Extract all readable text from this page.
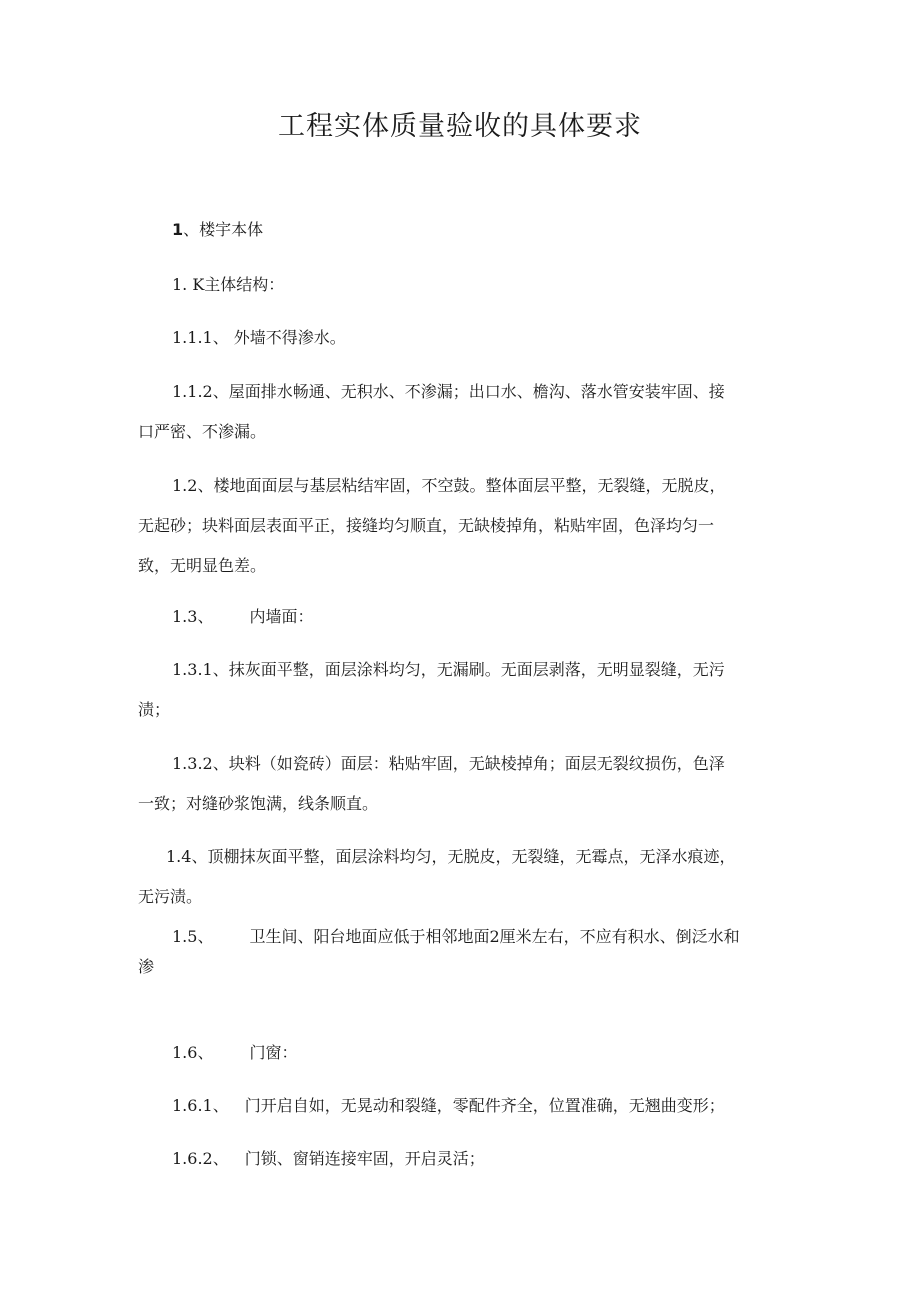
工程实体质量验收的具体要求
1、楼宇本体
1. K主体结构：
1.1.1、 外墙不得渗水。
1.1.2、屋面排水畅通、无积水、不渗漏；出口水、檐沟、落水管安装牢固、接
口严密、不渗漏。
1.2、楼地面面层与基层粘结牢固，不空鼓。整体面层平整，无裂缝，无脱皮，
无起砂；块料面层表面平正，接缝均匀顺直，无缺棱掉角，粘贴牢固，色泽均匀一
致，无明显色差。
1.3、 内墙面：
1.3.1、抹灰面平整，面层涂料均匀，无漏刷。无面层剥落，无明显裂缝，无污
渍；
1.3.2、块料（如瓷砖）面层：粘贴牢固，无缺棱掉角；面层无裂纹损伤，色泽
一致；对缝砂浆饱满，线条顺直。
1.4、顶棚抹灰面平整，面层涂料均匀，无脱皮，无裂缝，无霉点，无泽水痕迹，
无污渍。
1.5、 卫生间、阳台地面应低于相邻地面2厘米左右，不应有积水、倒泛水和
渗
1.6、 门窗：
1.6.1、 门开启自如，无晃动和裂缝，零配件齐全，位置准确，无翘曲变形；
1.6.2、 门锁、窗销连接牢固，开启灵活；
